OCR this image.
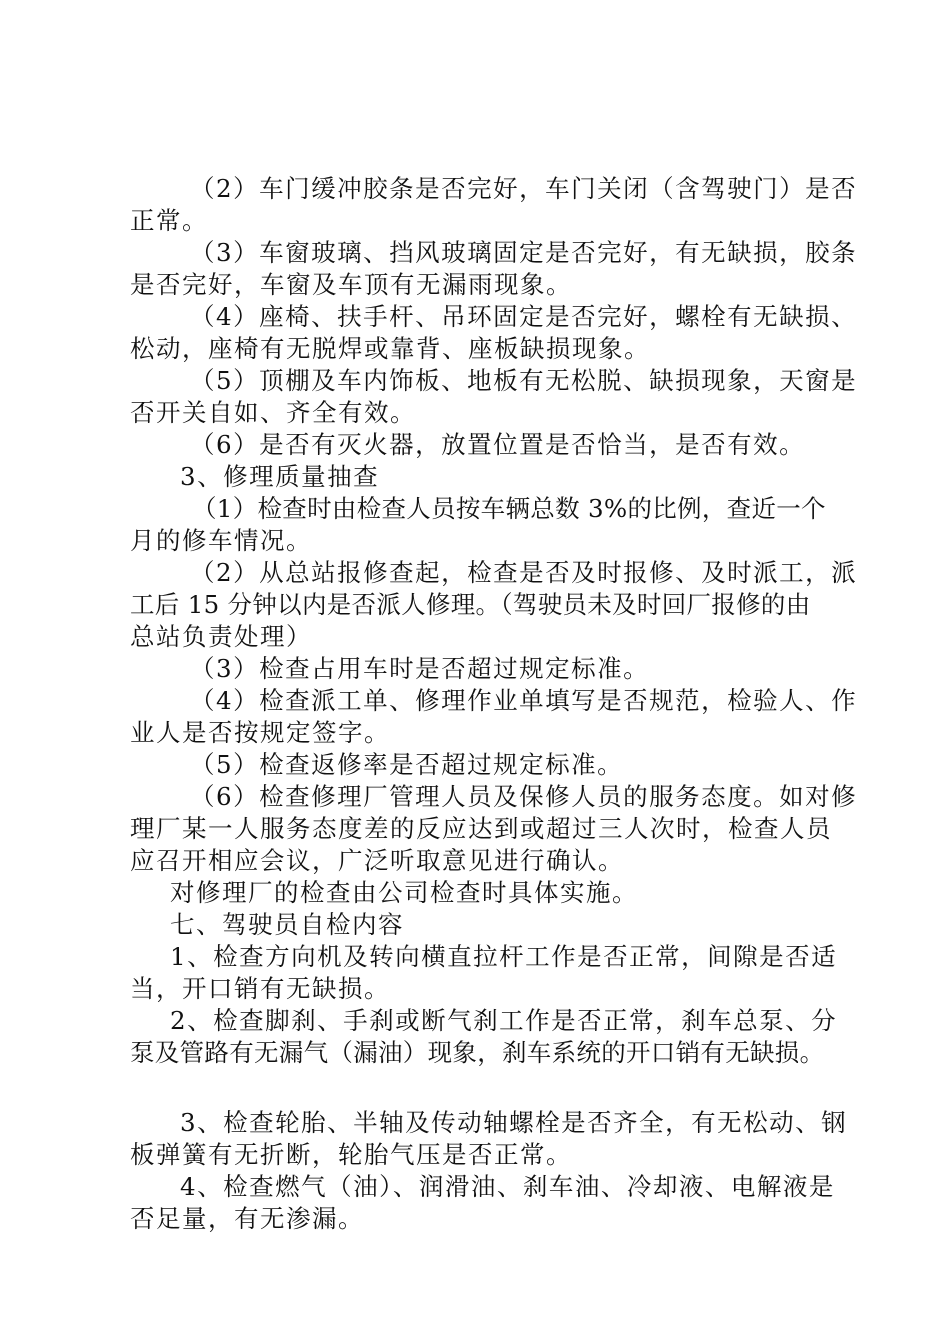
（2）车门缓冲胶条是否完好，车门关闭（含驾驶门）是否
正常。
（3）车窗玻璃、挡风玻璃固定是否完好，有无缺损，胶条
是否完好，车窗及车顶有无漏雨现象。
（4）座椅、扶手杆、吊环固定是否完好，螺栓有无缺损、
松动，座椅有无脱焊或靠背、座板缺损现象。
（5）顶棚及车内饰板、地板有无松脱、缺损现象，天窗是
否开关自如、齐全有效。
（6）是否有灭火器，放置位置是否恰当，是否有效。
3、修理质量抽查
（1）检查时由检查人员按车辆总数 3%的比例，查近一个
月的修车情况。
（2）从总站报修查起，检查是否及时报修、及时派工，派
工后 15 分钟以内是否派人修理。（驾驶员未及时回厂报修的由
总站负责处理）
（3）检查占用车时是否超过规定标准。
（4）检查派工单、修理作业单填写是否规范，检验人、作
业人是否按规定签字。
（5）检查返修率是否超过规定标准。
（6）检查修理厂管理人员及保修人员的服务态度。如对修
理厂某一人服务态度差的反应达到或超过三人次时，检查人员
应召开相应会议，广泛听取意见进行确认。
对修理厂的检查由公司检查时具体实施。
七、驾驶员自检内容
1、检查方向机及转向横直拉杆工作是否正常，间隙是否适
当，开口销有无缺损。
2、检查脚刹、手刹或断气刹工作是否正常，刹车总泵、分
泵及管路有无漏气（漏油）现象，刹车系统的开口销有无缺损。
3、检查轮胎、半轴及传动轴螺栓是否齐全，有无松动、钢
板弹簧有无折断，轮胎气压是否正常。
4、检查燃气（油）、润滑油、刹车油、冷却液、电解液是
否足量，有无渗漏。
